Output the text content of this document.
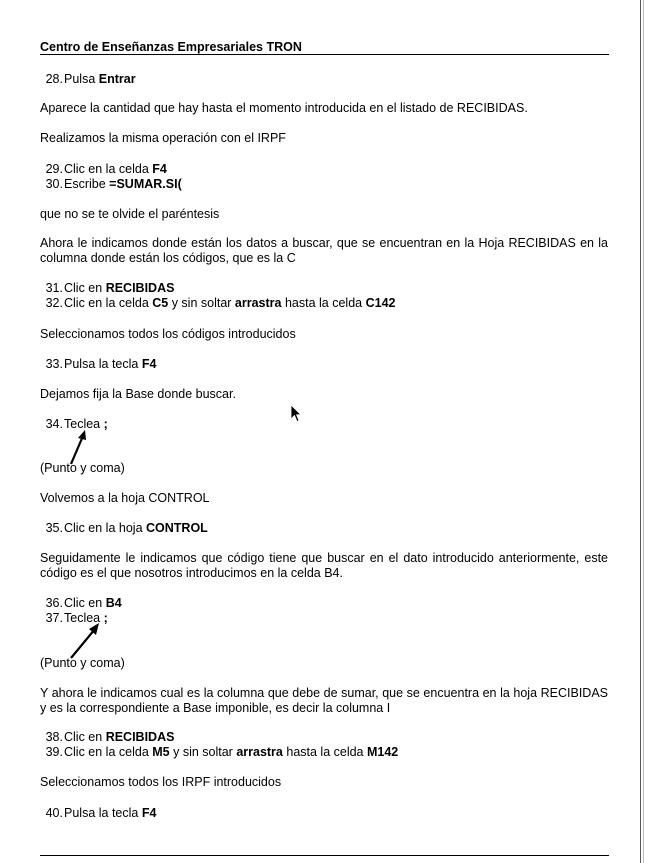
Centro de Enseñanzas Empresariales TRON
28.Pulsa Entrar
Aparece la cantidad que hay hasta el momento introducida en el listado de RECIBIDAS.
Realizamos la misma operación con el IRPF
29.Clic en la celda F4
30.Escribe =SUMAR.SI(
que no se te olvide el paréntesis
Ahora le indicamos donde están los datos a buscar, que se encuentran en la Hoja RECIBIDAS en la columna donde están los códigos, que es la C
31.Clic en RECIBIDAS
32.Clic en la celda C5 y sin soltar arrastra hasta la celda C142
Seleccionamos todos los códigos introducidos
33.Pulsa la tecla F4
Dejamos fija la Base donde buscar.
34.Teclea ;
(Punto y coma)
Volvemos a la hoja CONTROL
35.Clic en la hoja CONTROL
Seguidamente le indicamos que código tiene que buscar en el dato introducido anteriormente, este código es el que nosotros introducimos en la celda B4.
36.Clic en B4
37.Teclea ;
(Punto y coma)
Y ahora le indicamos cual es la columna que debe de sumar, que se encuentra en la hoja RECIBIDAS y es la correspondiente a Base imponible, es decir la columna I
38.Clic en RECIBIDAS
39.Clic en la celda M5 y sin soltar arrastra hasta la celda M142
Seleccionamos todos los IRPF introducidos
40.Pulsa la tecla F4
